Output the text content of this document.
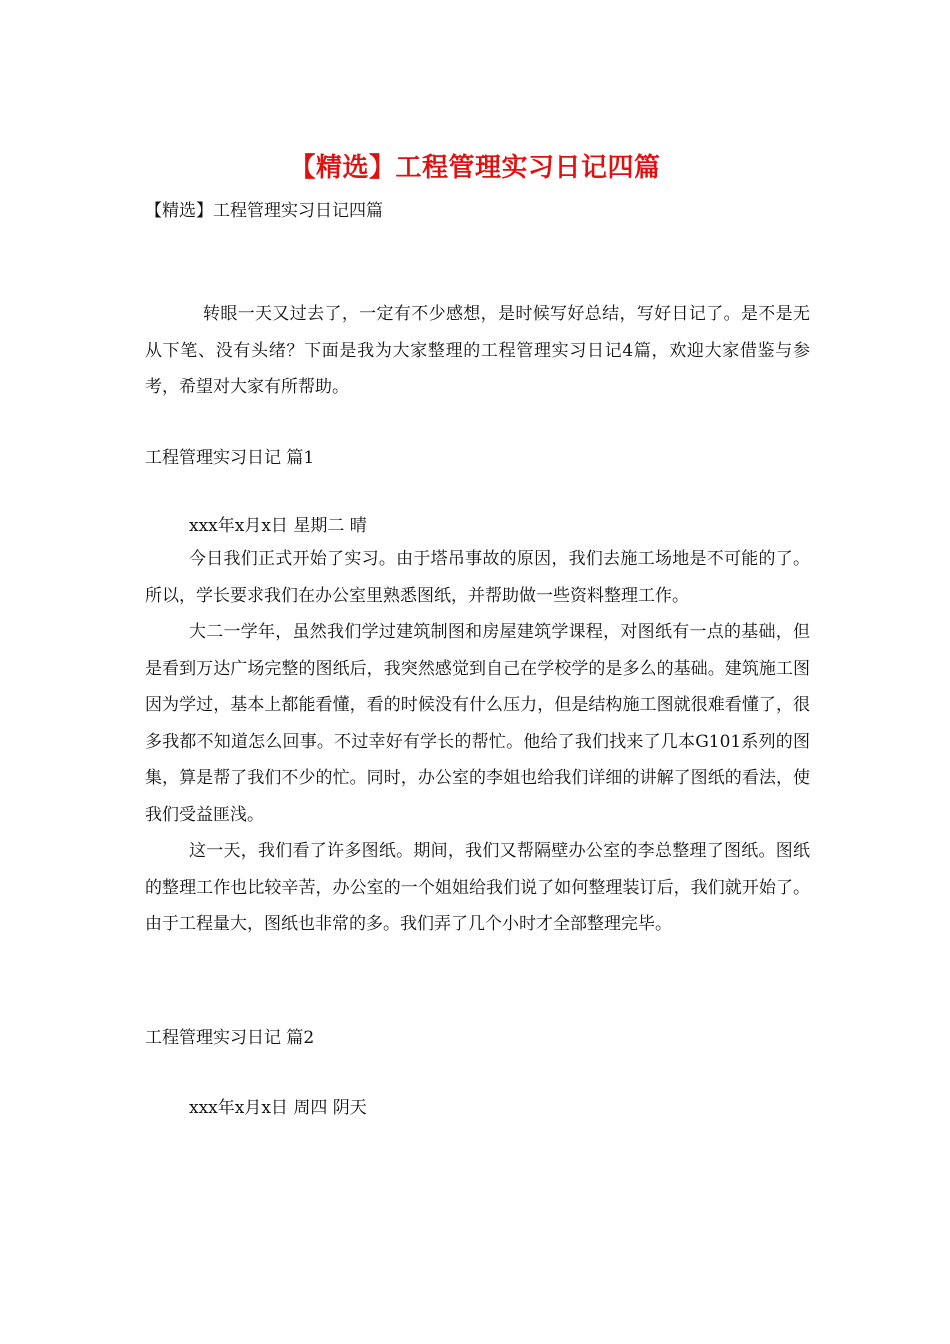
【精选】工程管理实习日记四篇
【精选】工程管理实习日记四篇
转眼一天又过去了，一定有不少感想，是时候写好总结，写好日记了。是不是无从下笔、没有头绪？下面是我为大家整理的工程管理实习日记4篇，欢迎大家借鉴与参考，希望对大家有所帮助。
工程管理实习日记 篇1
xxx年x月x日 星期二 晴

今日我们正式开始了实习。由于塔吊事故的原因，我们去施工场地是不可能的了。所以，学长要求我们在办公室里熟悉图纸，并帮助做一些资料整理工作。

大二一学年，虽然我们学过建筑制图和房屋建筑学课程，对图纸有一点的基础，但是看到万达广场完整的图纸后，我突然感觉到自己在学校学的是多么的基础。建筑施工图因为学过，基本上都能看懂，看的时候没有什么压力，但是结构施工图就很难看懂了，很多我都不知道怎么回事。不过幸好有学长的帮忙。他给了我们找来了几本G101系列的图集，算是帮了我们不少的忙。同时，办公室的李姐也给我们详细的讲解了图纸的看法，使我们受益匪浅。

这一天，我们看了许多图纸。期间，我们又帮隔壁办公室的李总整理了图纸。图纸的整理工作也比较辛苦，办公室的一个姐姐给我们说了如何整理装订后，我们就开始了。由于工程量大，图纸也非常的多。我们弄了几个小时才全部整理完毕。

工程管理实习日记 篇2
xxx年x月x日 周四 阴天
